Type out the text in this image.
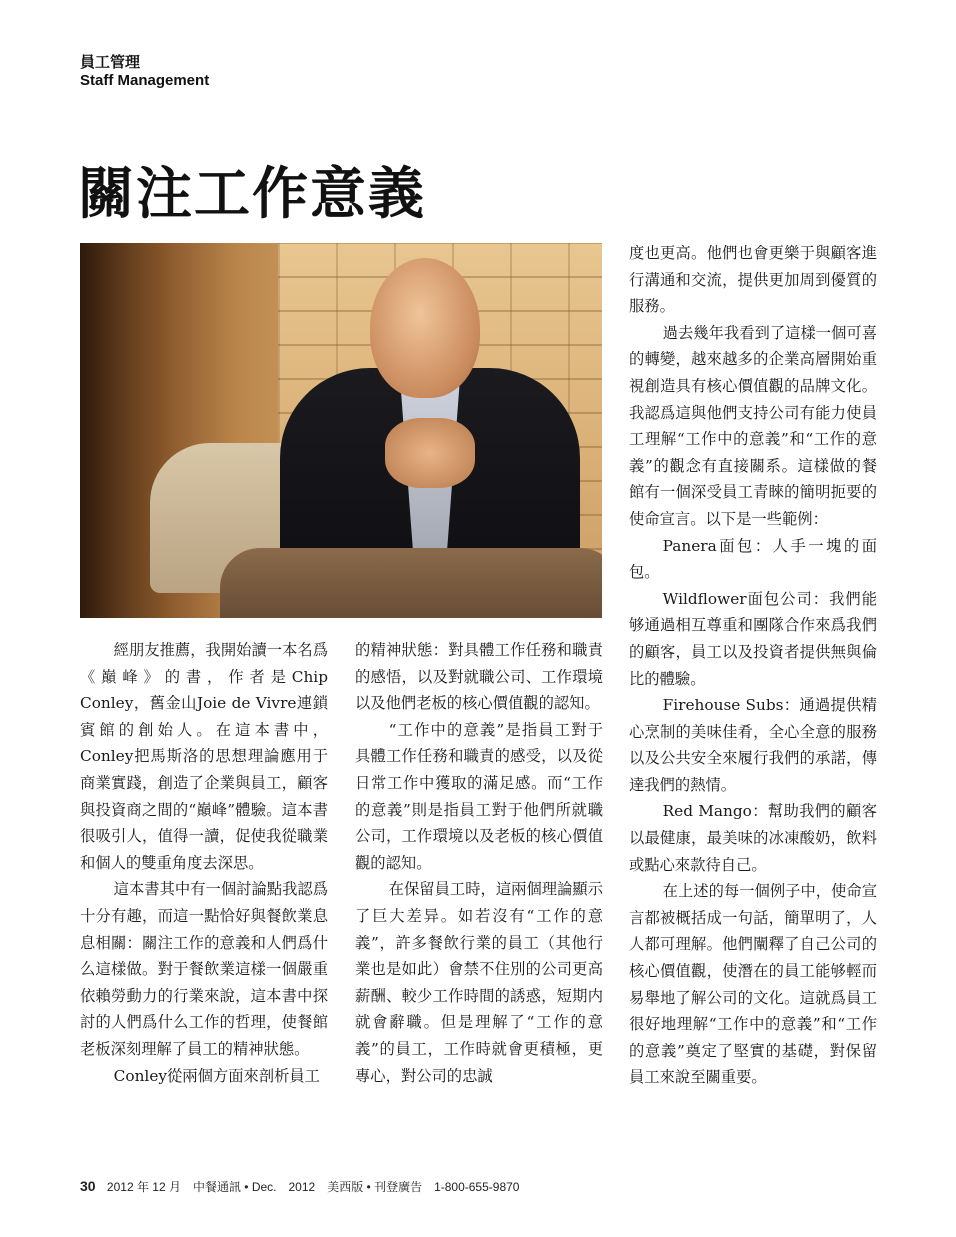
員工管理
Staff Management
關注工作意義

經朋友推薦，我開始讀一本名爲《巔峰》的書，作者是Chip Conley，舊金山Joie de Vivre連鎖賓館的創始人。在這本書中，Conley把馬斯洛的思想理論應用于商業實踐，創造了企業與員工，顧客與投資商之間的“巔峰”體驗。這本書很吸引人，值得一讀，促使我從職業和個人的雙重角度去深思。

這本書其中有一個討論點我認爲十分有趣，而這一點恰好與餐飲業息息相關：關注工作的意義和人們爲什么這樣做。對于餐飲業這樣一個嚴重依賴勞動力的行業來說，這本書中探討的人們爲什么工作的哲理，使餐館老板深刻理解了員工的精神狀態。

Conley從兩個方面來剖析員工

的精神狀態：對具體工作任務和職責的感悟，以及對就職公司、工作環境以及他們老板的核心價值觀的認知。

“工作中的意義”是指員工對于具體工作任務和職責的感受，以及從日常工作中獲取的滿足感。而“工作的意義”則是指員工對于他們所就職公司，工作環境以及老板的核心價值觀的認知。

在保留員工時，這兩個理論顯示了巨大差异。如若沒有“工作的意義”，許多餐飲行業的員工（其他行業也是如此）會禁不住別的公司更高薪酬、較少工作時間的誘惑，短期内就會辭職。但是理解了“工作的意義”的員工，工作時就會更積極，更專心，對公司的忠誠

度也更高。他們也會更樂于與顧客進行溝通和交流，提供更加周到優質的服務。

過去幾年我看到了這樣一個可喜的轉變，越來越多的企業高層開始重視創造具有核心價值觀的品牌文化。我認爲這與他們支持公司有能力使員工理解“工作中的意義”和“工作的意義”的觀念有直接關系。這樣做的餐館有一個深受員工青睞的簡明扼要的使命宣言。以下是一些範例：

Panera面包：人手一塊的面包。

Wildflower面包公司：我們能够通過相互尊重和團隊合作來爲我們的顧客，員工以及投資者提供無與倫比的體驗。

Firehouse Subs：通過提供精心烹制的美味佳肴，全心全意的服務以及公共安全來履行我們的承諾，傳達我們的熱情。

Red Mango：幫助我們的顧客以最健康，最美味的冰凍酸奶，飲料或點心來款待自己。

在上述的每一個例子中，使命宣言都被概括成一句話，簡單明了，人人都可理解。他們闡釋了自己公司的核心價值觀，使潛在的員工能够輕而易舉地了解公司的文化。這就爲員工很好地理解“工作中的意義”和“工作的意義”奠定了堅實的基礎，對保留員工來說至關重要。

30 2012 年 12 月　中餐通訊 • Dec.　2012　美西版 • 刊登廣告　1-800-655-9870
